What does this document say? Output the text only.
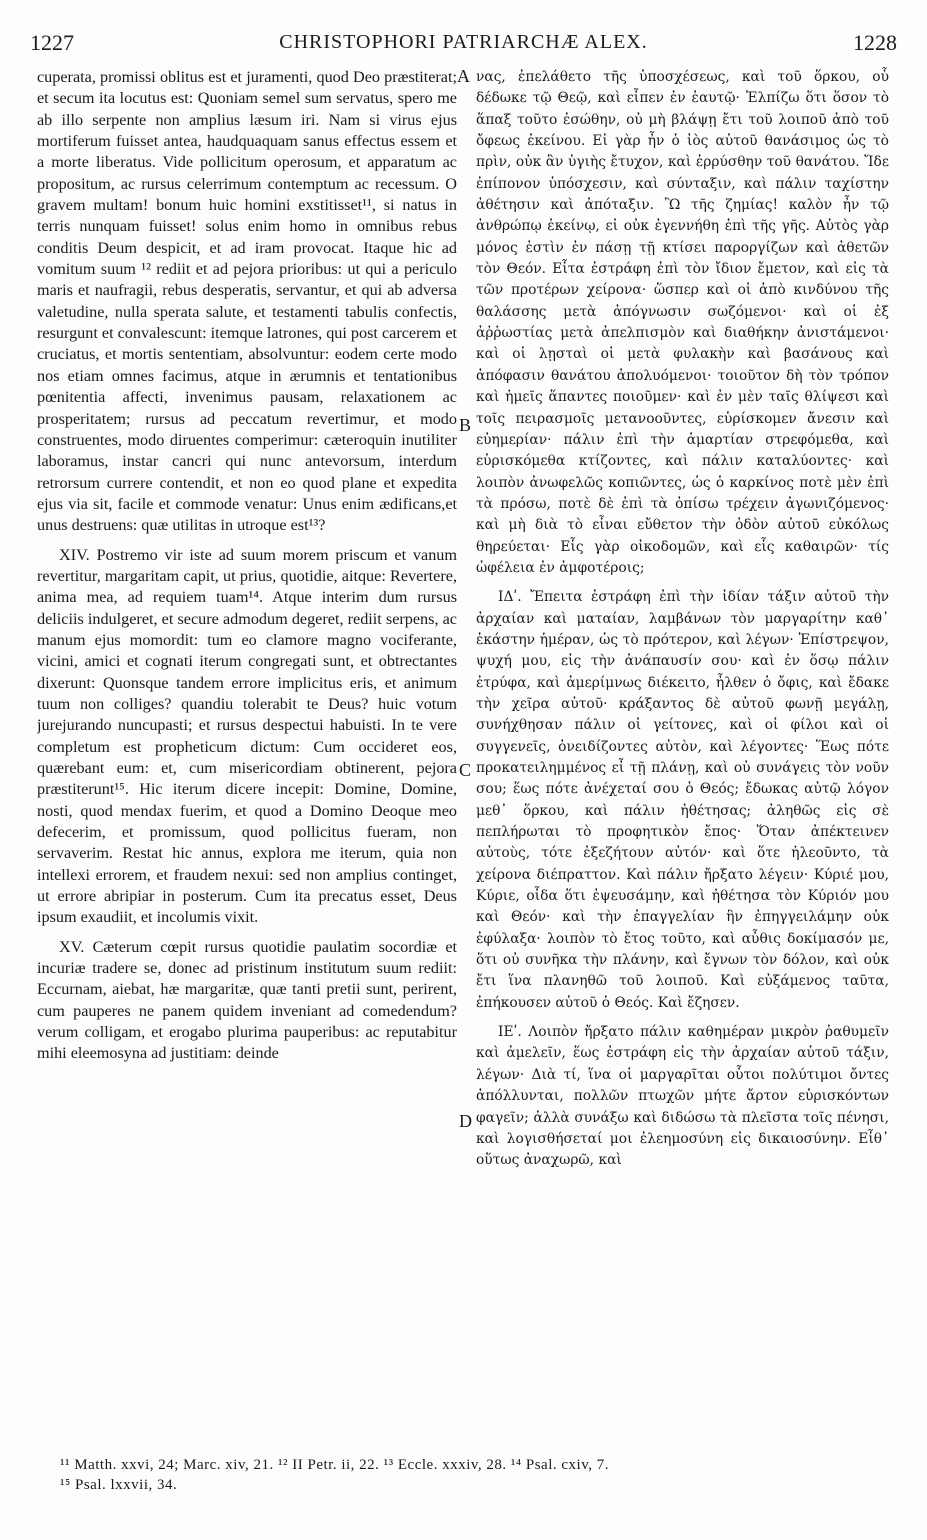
1227	CHRISTOPHORI PATRIARCHÆ ALEX.	1228

cuperata, promissi oblitus est et juramenti, quod Deo præstiterat; et secum ita locutus est: Quoniam semel sum servatus, spero me ab illo serpente non amplius læsum iri. Nam si virus ejus mortiferum fuisset antea, haudquaquam sanus effectus essem et a morte liberatus. Vide pollicitum operosum, et apparatum ac propositum, ac rursus celerrimum contemptum ac recessum. O gravem multam! bonum huic homini exstitisset¹¹, si natus in terris nunquam fuisset! solus enim homo in omnibus rebus conditis Deum despicit, et ad iram provocat. Itaque hic ad vomitum suum ¹² rediit et ad pejora prioribus: ut qui a periculo maris et naufragii, rebus desperatis, servantur, et qui ab adversa valetudine, nulla sperata salute, et testamenti tabulis confectis, resurgunt et convalescunt: itemque latrones, qui post carcerem et cruciatus, et mortis sententiam, absolvuntur: eodem certe modo nos etiam omnes facimus, atque in ærumnis et tentationibus pœnitentia affecti, invenimus pausam, relaxationem ac prosperitatem; rursus ad peccatum revertimur, et modo construentes, modo diruentes comperimur: cæteroquin inutiliter laboramus, instar cancri qui nunc antevorsum, interdum retrorsum currere contendit, et non eo quod plane et expedita ejus via sit, facile et commode venatur: Unus enim ædificans,et unus destruens: quæ utilitas in utroque est¹³?

XIV. Postremo vir iste ad suum morem priscum et vanum revertitur, margaritam capit, ut prius, quotidie, aitque: Revertere, anima mea, ad requiem tuam¹⁴. Atque interim dum rursus deliciis indulgeret, et secure admodum degeret, rediit serpens, ac manum ejus momordit: tum eo clamore magno vociferante, vicini, amici et cognati iterum congregati sunt, et obtrectantes dixerunt: Quonsque tandem errore implicitus eris, et animum tuum non colliges? quandiu tolerabit te Deus? huic votum jurejurando nuncupasti; et rursus despectui habuisti. In te vere completum est propheticum dictum: Cum occideret eos, quærebant eum: et, cum misericordiam obtinerent, pejora præstiterunt¹⁵. Hic iterum dicere incepit: Domine, Domine, nosti, quod mendax fuerim, et quod a Domino Deoque meo defecerim, et promissum, quod pollicitus fueram, non servaverim. Restat hic annus, explora me iterum, quia non intellexi errorem, et fraudem nexui: sed non amplius continget, ut errore abripiar in posterum. Cum ita precatus esset, Deus ipsum exaudiit, et incolumis vixit.

XV. Cæterum cœpit rursus quotidie paulatim socordiæ et incuriæ tradere se, donec ad pristinum institutum suum rediit: Eccurnam, aiebat, hæ margaritæ, quæ tanti pretii sunt, perirent, cum pauperes ne panem quidem inveniant ad comedendum? verum colligam, et erogabo plurima pauperibus: ac reputabitur mihi eleemosyna ad justitiam: deinde

A
B
C
D

νας, ἐπελάθετο τῆς ὑποσχέσεως, καὶ τοῦ ὅρκου, οὗ δέδωκε τῷ Θεῷ, καὶ εἶπεν ἐν ἑαυτῷ· Ἐλπίζω ὅτι ὅσον τὸ ἅπαξ τοῦτο ἐσώθην, οὐ μὴ βλάψῃ ἔτι τοῦ λοιποῦ ἀπὸ τοῦ ὄφεως ἐκείνου. Εἰ γὰρ ἦν ὁ ἰὸς αὐτοῦ θανάσιμος ὡς τὸ πρὶν, οὐκ ἂν ὑγιὴς ἔτυχον, καὶ ἐρρύσθην τοῦ θανάτου. Ἴδε ἐπίπονον ὑπόσχεσιν, καὶ σύνταξιν, καὶ πάλιν ταχίστην ἀθέτησιν καὶ ἀπόταξιν. Ὢ τῆς ζημίας! καλὸν ἦν τῷ ἀνθρώπῳ ἐκείνῳ, εἰ οὐκ ἐγεννήθη ἐπὶ τῆς γῆς. Αὐτὸς γὰρ μόνος ἐστὶν ἐν πάσῃ τῇ κτίσει παροργίζων καὶ ἀθετῶν τὸν Θεόν. Εἶτα ἐστράφη ἐπὶ τὸν ἴδιον ἔμετον, καὶ εἰς τὰ τῶν προτέρων χείρονα· ὥσπερ καὶ οἱ ἀπὸ κινδύνου τῆς θαλάσσης μετὰ ἀπόγνωσιν σωζόμενοι· καὶ οἱ ἐξ ἀῤῥωστίας μετὰ ἀπελπισμὸν καὶ διαθήκην ἀνιστάμενοι· καὶ οἱ λῃσταὶ οἱ μετὰ φυλακὴν καὶ βασάνους καὶ ἀπόφασιν θανάτου ἀπολυόμενοι· τοιοῦτον δὴ τὸν τρόπον καὶ ἡμεῖς ἅπαντες ποιοῦμεν· καὶ ἐν μὲν ταῖς θλίψεσι καὶ τοῖς πειρασμοῖς μετανοοῦντες, εὑρίσκομεν ἄνεσιν καὶ εὐημερίαν· πάλιν ἐπὶ τὴν ἁμαρτίαν στρεφόμεθα, καὶ εὑρισκόμεθα κτίζοντες, καὶ πάλιν καταλύοντες· καὶ λοιπὸν ἀνωφελῶς κοπιῶντες, ὡς ὁ καρκίνος ποτὲ μὲν ἐπὶ τὰ πρόσω, ποτὲ δὲ ἐπὶ τὰ ὀπίσω τρέχειν ἀγωνιζόμενος· καὶ μὴ διὰ τὸ εἶναι εὔθετον τὴν ὁδὸν αὐτοῦ εὐκόλως θηρεύεται· Εἷς γὰρ οἰκοδομῶν, καὶ εἷς καθαιρῶν· τίς ὠφέλεια ἐν ἀμφοτέροις;

ΙΔʹ. Ἔπειτα ἐστράφη ἐπὶ τὴν ἰδίαν τάξιν αὐτοῦ τὴν ἀρχαίαν καὶ ματαίαν, λαμβάνων τὸν μαργαρίτην καθ᾽ ἑκάστην ἡμέραν, ὡς τὸ πρότερον, καὶ λέγων· Ἐπίστρεψον, ψυχή μου, εἰς τὴν ἀνάπαυσίν σου· καὶ ἐν ὅσῳ πάλιν ἐτρύφα, καὶ ἀμερίμνως διέκειτο, ἦλθεν ὁ ὄφις, καὶ ἔδακε τὴν χεῖρα αὐτοῦ· κράξαντος δὲ αὐτοῦ φωνῇ μεγάλῃ, συνήχθησαν πάλιν οἱ γείτονες, καὶ οἱ φίλοι καὶ οἱ συγγενεῖς, ὀνειδίζοντες αὐτὸν, καὶ λέγοντες· Ἕως πότε προκατειλημμένος εἶ τῇ πλάνῃ, καὶ οὐ συνάγεις τὸν νοῦν σου; ἕως πότε ἀνέχεταί σου ὁ Θεός; ἔδωκας αὐτῷ λόγον μεθ᾽ ὅρκου, καὶ πάλιν ἠθέτησας; ἀληθῶς εἰς σὲ πεπλήρωται τὸ προφητικὸν ἔπος· Ὅταν ἀπέκτεινεν αὐτοὺς, τότε ἐξεζήτουν αὐτόν· καὶ ὅτε ἠλεοῦντο, τὰ χείρονα διέπραττον. Καὶ πάλιν ἤρξατο λέγειν· Κύριέ μου, Κύριε, οἶδα ὅτι ἐψευσάμην, καὶ ἠθέτησα τὸν Κύριόν μου καὶ Θεόν· καὶ τὴν ἐπαγγελίαν ἣν ἐπηγγειλάμην οὐκ ἐφύλαξα· λοιπὸν τὸ ἔτος τοῦτο, καὶ αὖθις δοκίμασόν με, ὅτι οὐ συνῆκα τὴν πλάνην, καὶ ἔγνων τὸν δόλον, καὶ οὐκ ἔτι ἵνα πλανηθῶ τοῦ λοιποῦ. Καὶ εὐξάμενος ταῦτα, ἐπήκουσεν αὐτοῦ ὁ Θεός. Καὶ ἔζησεν.

ΙΕʹ. Λοιπὸν ἤρξατο πάλιν καθημέραν μικρὸν ῥαθυμεῖν καὶ ἀμελεῖν, ἕως ἐστράφη εἰς τὴν ἀρχαίαν αὐτοῦ τάξιν, λέγων· Διὰ τί, ἵνα οἱ μαργαρῖται οὗτοι πολύτιμοι ὄντες ἀπόλλυνται, πολλῶν πτωχῶν μήτε ἄρτον εὑρισκόντων φαγεῖν; ἀλλὰ συνάξω καὶ διδώσω τὰ πλεῖστα τοῖς πένησι, καὶ λογισθήσεταί μοι ἐλεημοσύνη εἰς δικαιοσύνην. Εἶθ᾽ οὕτως ἀναχωρῶ, καὶ

¹¹ Matth. xxvi, 24; Marc. xiv, 21. ¹² II Petr. ii, 22. ¹³ Eccle. xxxiv, 28. ¹⁴ Psal. cxiv, 7.
¹⁵ Psal. lxxvii, 34.
